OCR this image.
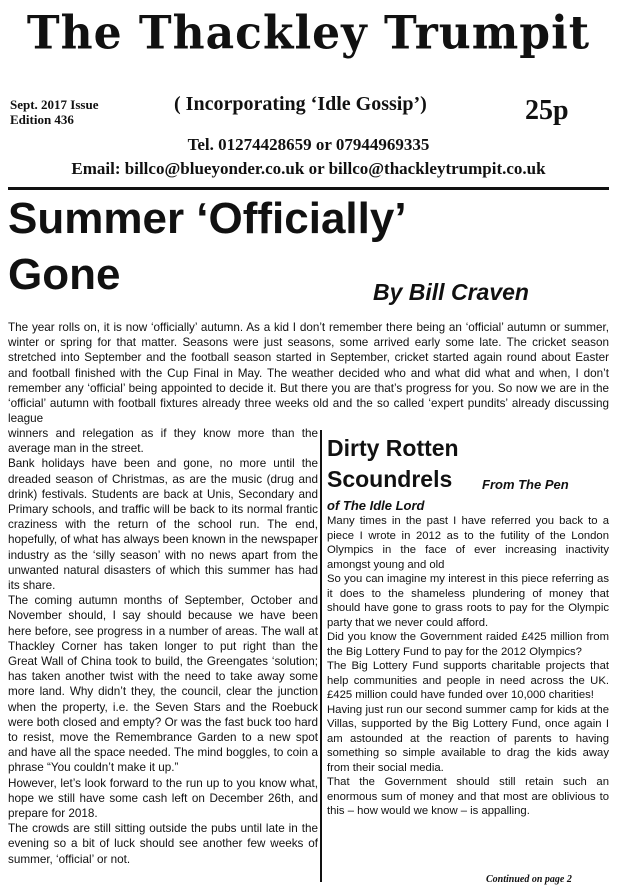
The Thackley Trumpit
Sept. 2017 Issue
Edition 436
( Incorporating ‘Idle Gossip’)	25p
Tel. 01274428659 or 07944969335
Email: billco@blueyonder.co.uk or billco@thackleytrumpit.co.uk
Summer ‘Officially’
Gone	By Bill Craven

The year rolls on, it is now ‘officially’ autumn. As a kid I don’t remember there being an ‘official’ autumn or summer, winter or spring for that matter. Seasons were just seasons, some arrived early some late. The cricket season stretched into September and the football season started in September, cricket started again round about Easter and football finished with the Cup Final in May. The weather decided who and what did what and when, I don’t remember any ‘official’ being appointed to decide it. But there you are that’s progress for you. So now we are in the ‘official’ autumn with football fixtures already three weeks old and the so called ‘expert pundits’ already discussing league

winners and relegation as if they know more than the average man in the street.

Bank holidays have been and gone, no more until the dreaded season of Christmas, as are the music (drug and drink) festivals. Students are back at Unis, Secondary and Primary schools, and traffic will be back to its normal frantic craziness with the return of the school run. The end, hopefully, of what has always been known in the newspaper industry as the ‘silly season’ with no news apart from the unwanted natural disasters of which this summer has had its share.

The coming autumn months of September, October and November should, I say should because we have been here before, see progress in a number of areas. The wall at Thackley Corner has taken longer to put right than the Great Wall of China took to build, the Greengates ‘solution; has taken another twist with the need to take away some more land. Why didn’t they, the council, clear the junction when the property, i.e. the Seven Stars and the Roebuck were both closed and empty? Or was the fast buck too hard to resist, move the Remembrance Garden to a new spot and have all the space needed. The mind boggles, to coin a phrase “You couldn’t make it up.”

However, let’s look forward to the run up to you know what, hope we still have some cash left on December 26th, and prepare for 2018.

The crowds are still sitting outside the pubs until late in the evening so a bit of luck should see another few weeks of summer, ‘official’ or not.

Dirty Rotten
Scoundrels From The Pen
of The Idle Lord

Many times in the past I have referred you back to a piece I wrote in 2012 as to the futility of the London Olympics in the face of ever increasing inactivity amongst young and old

So you can imagine my interest in this piece referring as it does to the shameless plundering of money that should have gone to grass roots to pay for the Olympic party that we never could afford.

Did you know the Government raided £425 million from the Big Lottery Fund to pay for the 2012 Olympics?

The Big Lottery Fund supports charitable projects that help communities and people in need across the UK. £425 million could have funded over 10,000 charities!

Having just run our second summer camp for kids at the Villas, supported by the Big Lottery Fund, once again I am astounded at the reaction of parents to having something so simple available to drag the kids away from their social media.

That the Government should still retain such an enormous sum of money and that most are oblivious to this – how would we know – is appalling.

Continued on page 2
